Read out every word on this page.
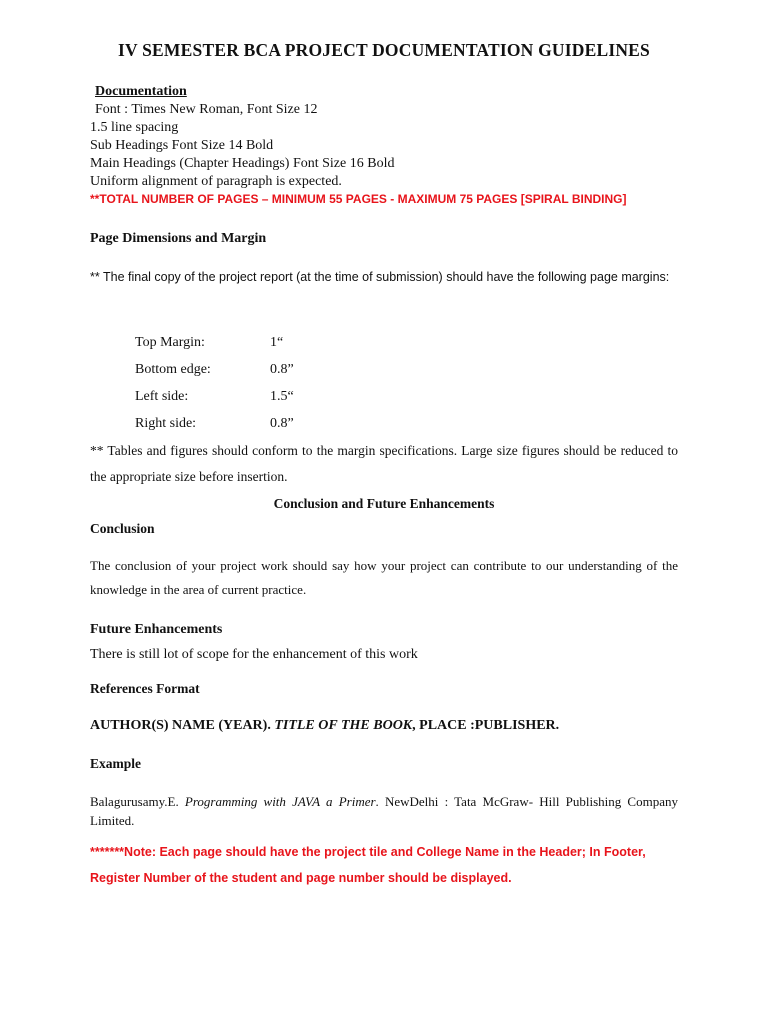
IV SEMESTER BCA PROJECT DOCUMENTATION GUIDELINES
Documentation
Font : Times New Roman, Font Size 12
1.5 line spacing
Sub Headings Font Size 14 Bold
Main Headings (Chapter Headings) Font Size 16 Bold
Uniform alignment of paragraph is expected.
**TOTAL NUMBER OF PAGES – MINIMUM 55 PAGES - MAXIMUM 75 PAGES [SPIRAL BINDING]
Page Dimensions and Margin
** The final copy of the project report (at the time of submission) should have the following page margins:
Top Margin:	1“
Bottom edge:	0.8”
Left side:	1.5“
Right side:	0.8”
** Tables and figures should conform to the margin specifications. Large size figures should be reduced to the appropriate size before insertion.
Conclusion and Future Enhancements
Conclusion
The conclusion of your project work should say how your project can contribute to our understanding of the knowledge in the area of current practice.
Future Enhancements
There is still lot of scope for the enhancement of this work
References Format
AUTHOR(S) NAME (YEAR). TITLE OF THE BOOK, PLACE :PUBLISHER.
Example
Balagurusamy.E. Programming with JAVA a Primer. NewDelhi : Tata McGraw- Hill Publishing Company Limited.
*******Note: Each page should have the project tile and College Name in the Header; In Footer,
Register Number of the student and page number should be displayed.
